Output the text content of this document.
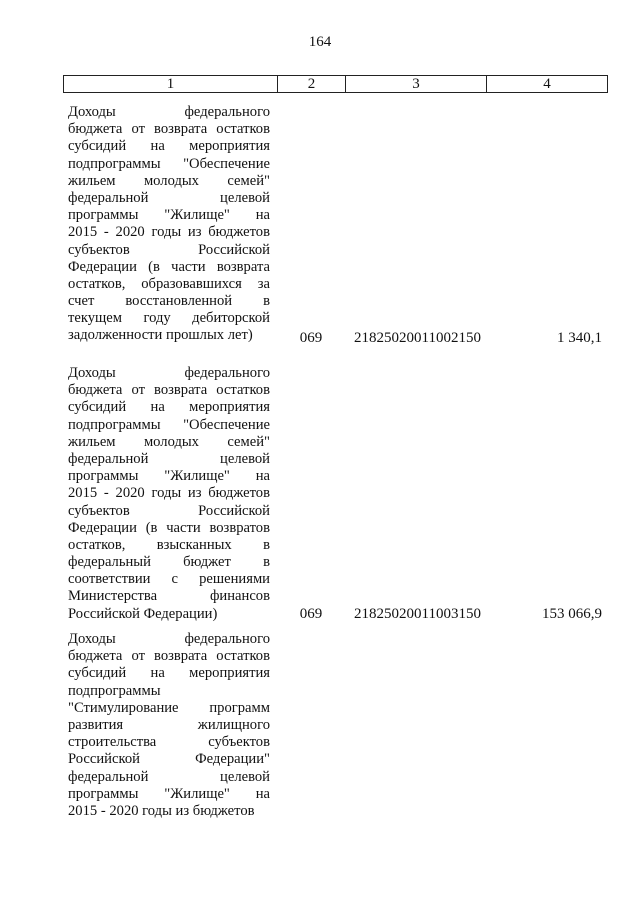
164
1	2	3	4
Доходы федерального
бюджета от возврата остатков
субсидий на мероприятия
подпрограммы "Обеспечение
жильем молодых семей"
федеральной целевой
программы "Жилище" на
2015 - 2020 годы из бюджетов
субъектов Российской
Федерации (в части возврата
остатков, образовавшихся за
счет восстановленной в
текущем году дебиторской
задолженности прошлых лет)	069 21825020011002150	1 340,1
Доходы федерального
бюджета от возврата остатков
субсидий на мероприятия
подпрограммы "Обеспечение
жильем молодых семей"
федеральной целевой
программы "Жилище" на
2015 - 2020 годы из бюджетов
субъектов Российской
Федерации (в части возвратов
остатков, взысканных в
федеральный бюджет в
соответствии с решениями
Министерства финансов
Российской Федерации)	069 21825020011003150	153 066,9
Доходы федерального
бюджета от возврата остатков
субсидий на мероприятия
подпрограммы
"Стимулирование программ
развития жилищного
строительства субъектов
Российской Федерации"
федеральной целевой
программы "Жилище" на
2015 - 2020 годы из бюджетов
